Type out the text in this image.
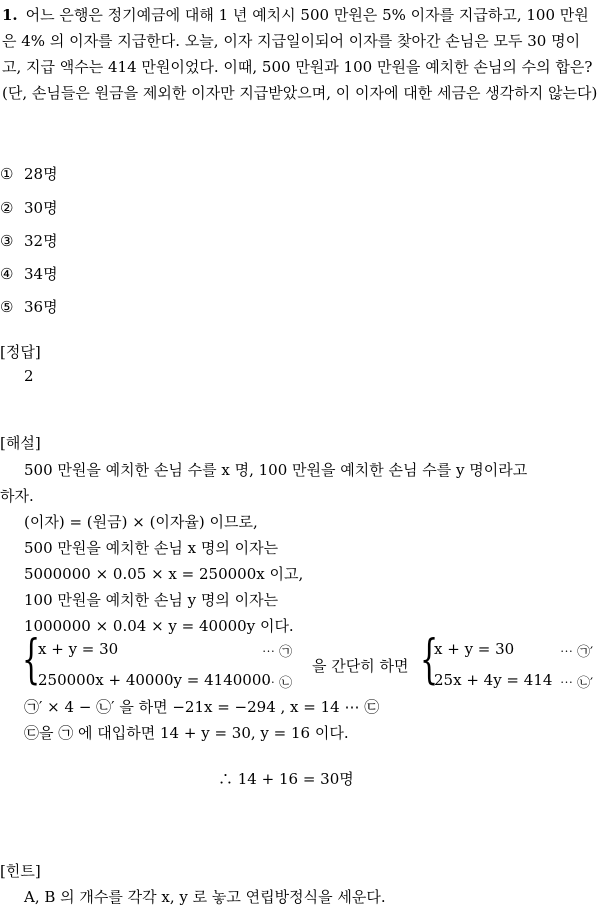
1. 어느 은행은 정기예금에 대해 1 년 예치시 500 만원은 5% 이자를 지급하고, 100 만원은 4% 의 이자를 지급한다. 오늘, 이자 지급일이되어 이자를 찾아간 손님은 모두 30 명이고, 지급 액수는 414 만원이었다. 이때, 500 만원과 100 만원을 예치한 손님의 수의 합은? (단, 손님들은 원금을 제외한 이자만 지급받았으며, 이 이자에 대한 세금은 생각하지 않는다)
① 28명
② 30명
③ 32명
④ 34명
⑤ 36명
[정답]
2
[해설]
500 만원을 예치한 손님 수를 x 명, 100 만원을 예치한 손님 수를 y 명이라고
하자.
(이자) = (원금) × (이자율) 이므로,
500 만원을 예치한 손님 x 명의 이자는
5000000 × 0.05 × x = 250000x 이고,
100 만원을 예치한 손님 y 명의 이자는
1000000 × 0.04 × y = 40000y 이다.
{
x + y = 30	⋯ ㉠
250000x + 40000y = 4140000
⋯ ㉡
을 간단히 하면 {
x + y = 30	⋯ ㉠′
25x + 4y = 414 ⋯ ㉡′
㉠′ × 4 − ㉡′ 을 하면 −21x = −294 , x = 14 ⋯ ㉢
㉢을 ㉠ 에 대입하면 14 + y = 30, y = 16 이다.
∴ 14 + 16 = 30명
[힌트]
A, B 의 개수를 각각 x, y 로 놓고 연립방정식을 세운다.
